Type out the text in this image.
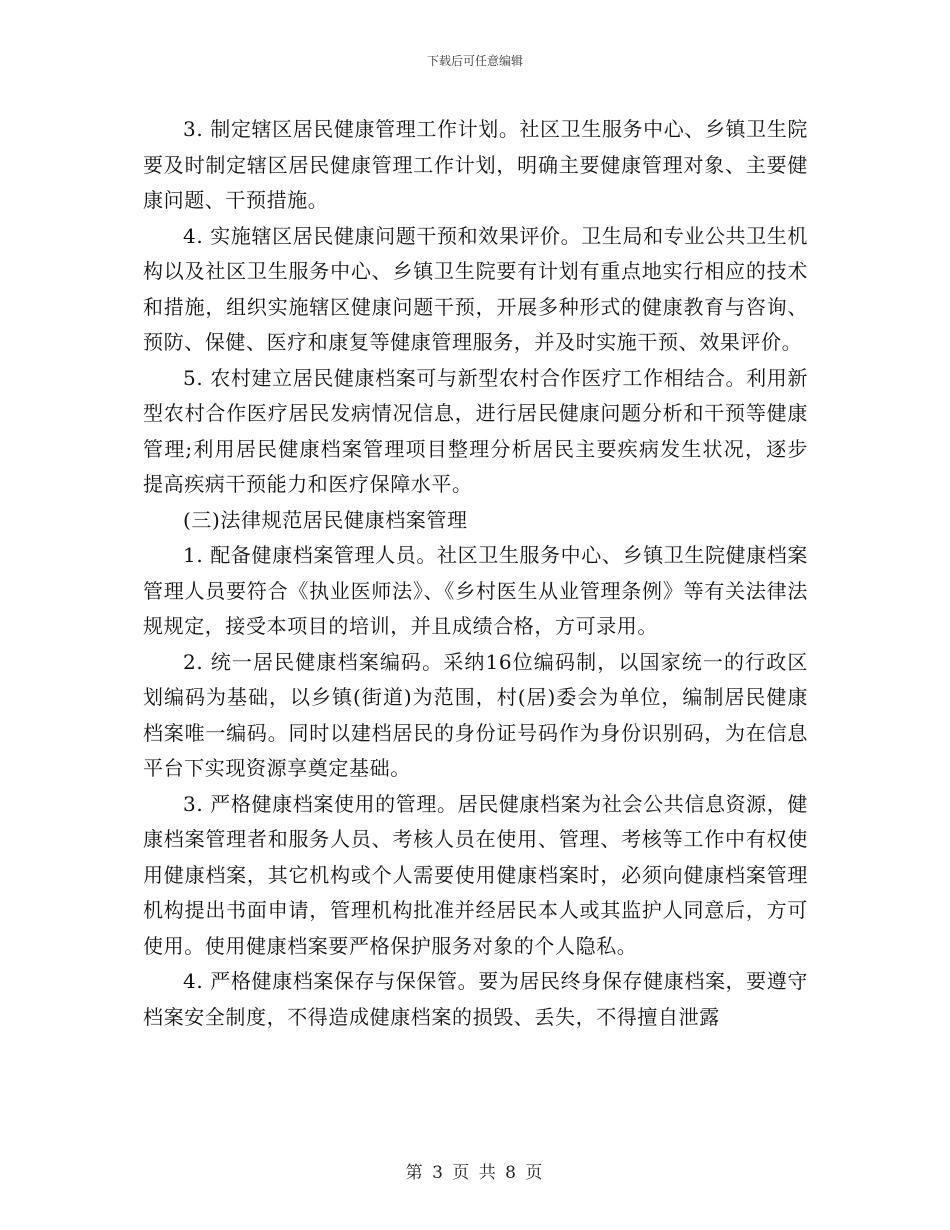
下载后可任意编辑

3. 制定辖区居民健康管理工作计划。社区卫生服务中心、乡镇卫生院要及时制定辖区居民健康管理工作计划，明确主要健康管理对象、主要健康问题、干预措施。

4. 实施辖区居民健康问题干预和效果评价。卫生局和专业公共卫生机构以及社区卫生服务中心、乡镇卫生院要有计划有重点地实行相应的技术和措施，组织实施辖区健康问题干预，开展多种形式的健康教育与咨询、预防、保健、医疗和康复等健康管理服务，并及时实施干预、效果评价。

5. 农村建立居民健康档案可与新型农村合作医疗工作相结合。利用新型农村合作医疗居民发病情况信息，进行居民健康问题分析和干预等健康管理;利用居民健康档案管理项目整理分析居民主要疾病发生状况，逐步提高疾病干预能力和医疗保障水平。

(三)法律规范居民健康档案管理

1. 配备健康档案管理人员。社区卫生服务中心、乡镇卫生院健康档案管理人员要符合《执业医师法》、《乡村医生从业管理条例》等有关法律法规规定，接受本项目的培训，并且成绩合格，方可录用。

2. 统一居民健康档案编码。采纳16位编码制，以国家统一的行政区划编码为基础，以乡镇(街道)为范围，村(居)委会为单位，编制居民健康档案唯一编码。同时以建档居民的身份证号码作为身份识别码，为在信息平台下实现资源享奠定基础。

3. 严格健康档案使用的管理。居民健康档案为社会公共信息资源，健康档案管理者和服务人员、考核人员在使用、管理、考核等工作中有权使用健康档案，其它机构或个人需要使用健康档案时，必须向健康档案管理机构提出书面申请，管理机构批准并经居民本人或其监护人同意后，方可使用。使用健康档案要严格保护服务对象的个人隐私。

4. 严格健康档案保存与保保管。要为居民终身保存健康档案，要遵守档案安全制度，不得造成健康档案的损毁、丢失，不得擅自泄露

第 3 页 共 8 页
